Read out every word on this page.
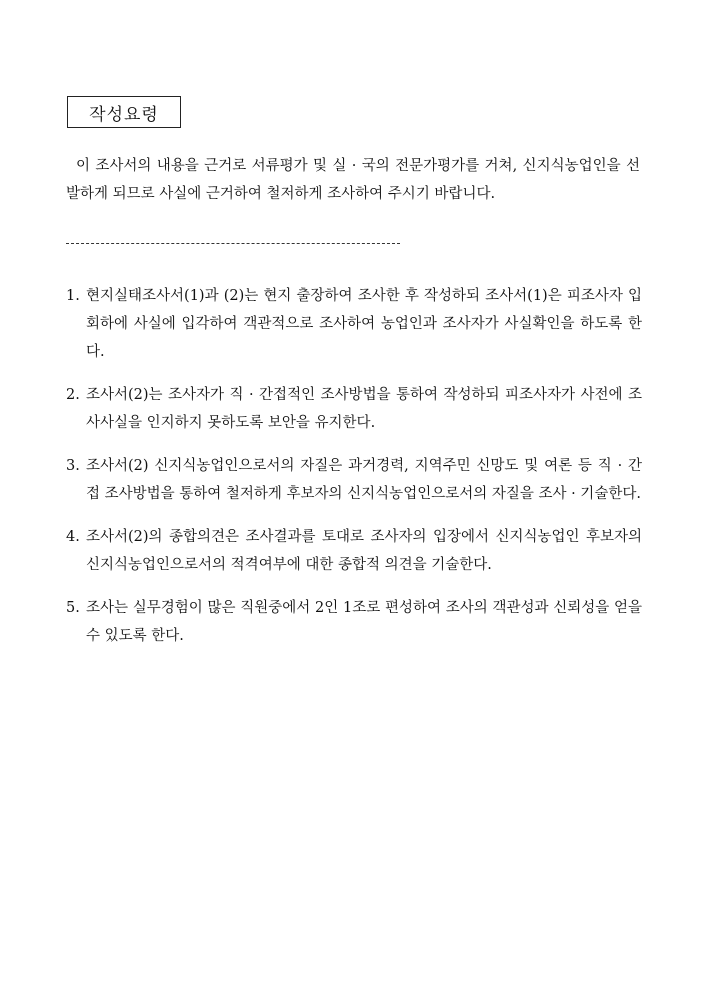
작성요령

이 조사서의 내용을 근거로 서류평가 및 실 · 국의 전문가평가를 거쳐, 신지식농업인을 선발하게 되므로 사실에 근거하여 철저하게 조사하여 주시기 바랍니다.

1. 현지실태조사서(1)과 (2)는 현지 출장하여 조사한 후 작성하되 조사서(1)은 피조사자 입회하에 사실에 입각하여 객관적으로 조사하여 농업인과 조사자가 사실확인을 하도록 한다.
2. 조사서(2)는 조사자가 직 · 간접적인 조사방법을 통하여 작성하되 피조사자가 사전에 조사사실을 인지하지 못하도록 보안을 유지한다.
3. 조사서(2) 신지식농업인으로서의 자질은 과거경력, 지역주민 신망도 및 여론 등 직 · 간접 조사방법을 통하여 철저하게 후보자의 신지식농업인으로서의 자질을 조사 · 기술한다.
4. 조사서(2)의 종합의견은 조사결과를 토대로 조사자의 입장에서 신지식농업인 후보자의 신지식농업인으로서의 적격여부에 대한 종합적 의견을 기술한다.
5. 조사는 실무경험이 많은 직원중에서 2인 1조로 편성하여 조사의 객관성과 신뢰성을 얻을 수 있도록 한다.
